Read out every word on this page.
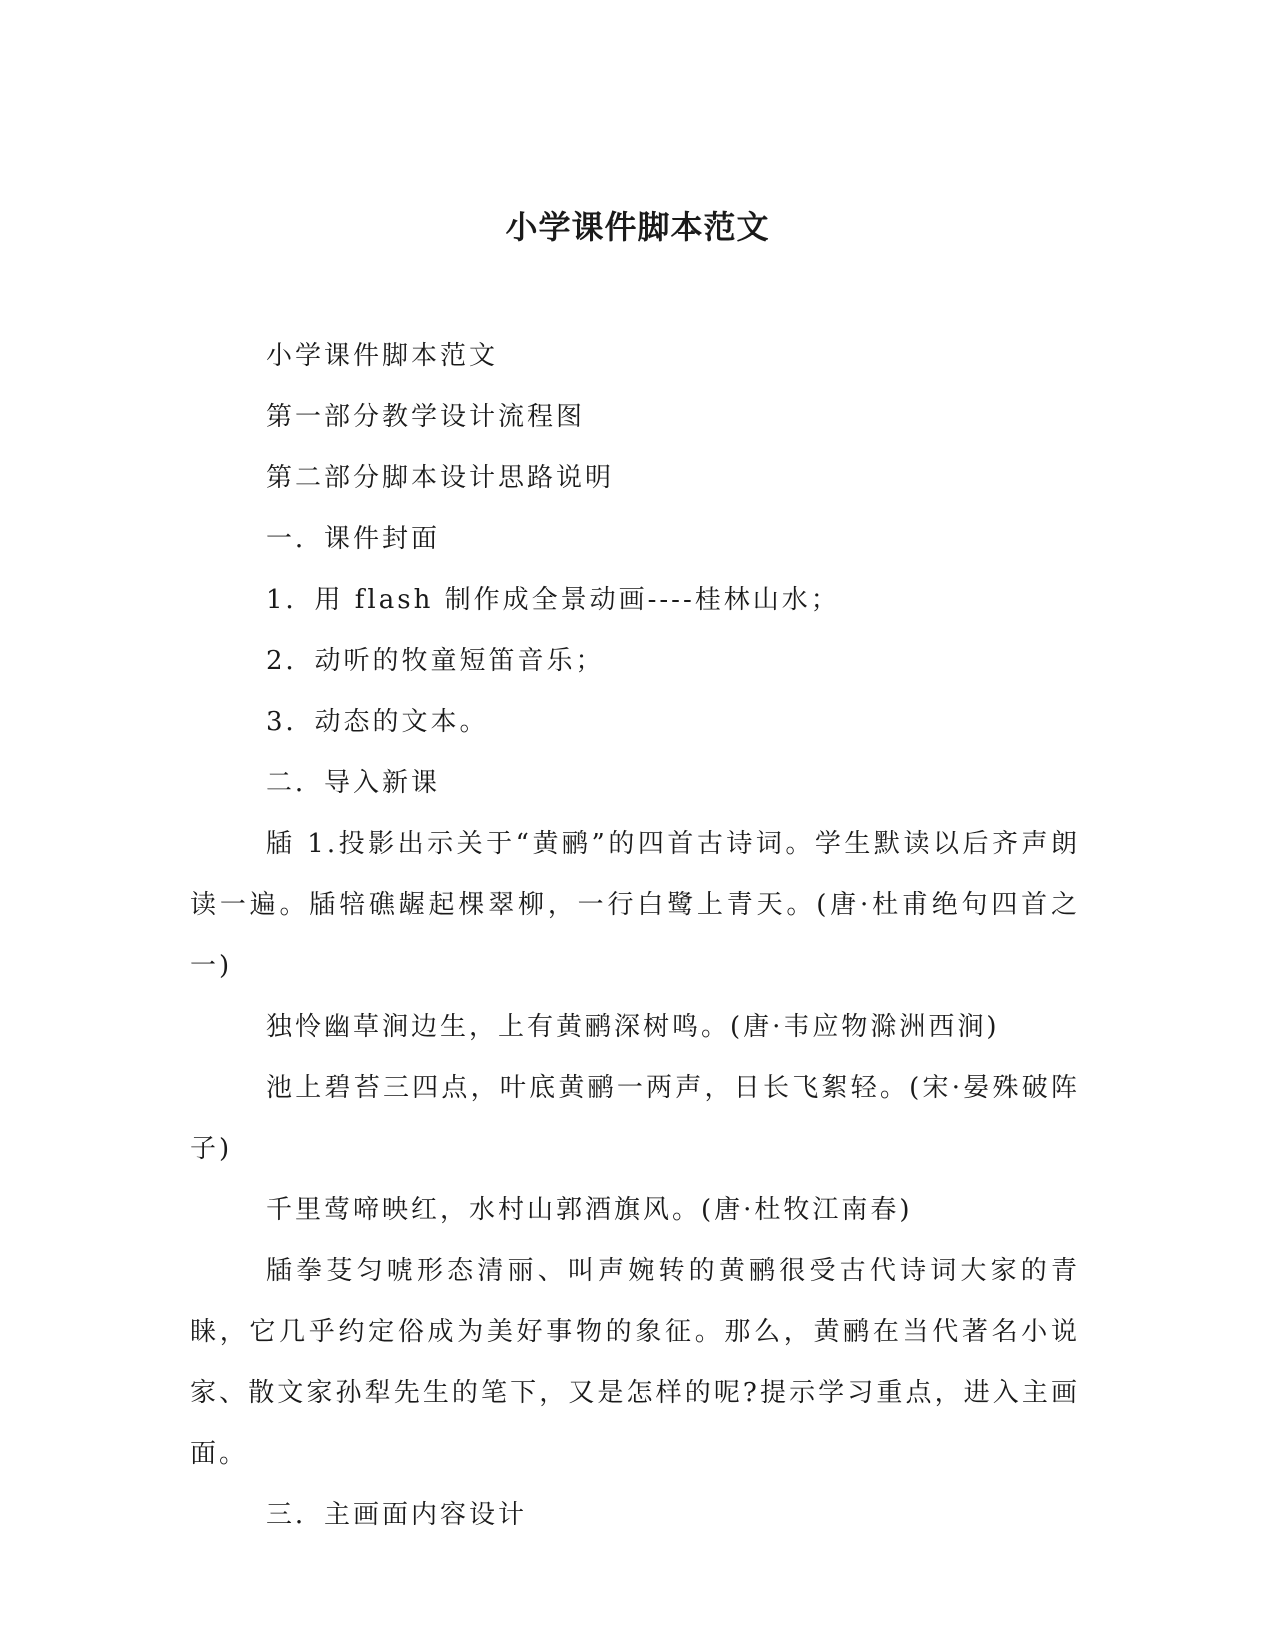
小学课件脚本范文

小学课件脚本范文

第一部分教学设计流程图

第二部分脚本设计思路说明

一．课件封面

1．用 flash 制作成全景动画----桂林山水；

2．动听的牧童短笛音乐；

3．动态的文本。

二．导入新课

牐 1.投影出示关于“黄鹂”的四首古诗词。学生默读以后齐声朗读一遍。牐犃礁龌起棵翠柳，一行白鹭上青天。(唐·杜甫绝句四首之一)

独怜幽草涧边生，上有黄鹂深树鸣。(唐·韦应物滁洲西涧)

池上碧苔三四点，叶底黄鹂一两声，日长飞絮轻。(宋·晏殊破阵子)

千里莺啼映红，水村山郭酒旗风。(唐·杜牧江南春)

牐拳芟匀唬形态清丽、叫声婉转的黄鹂很受古代诗词大家的青睐，它几乎约定俗成为美好事物的象征。那么，黄鹂在当代著名小说家、散文家孙犁先生的笔下，又是怎样的呢?提示学习重点，进入主画面。

三．主画面内容设计
